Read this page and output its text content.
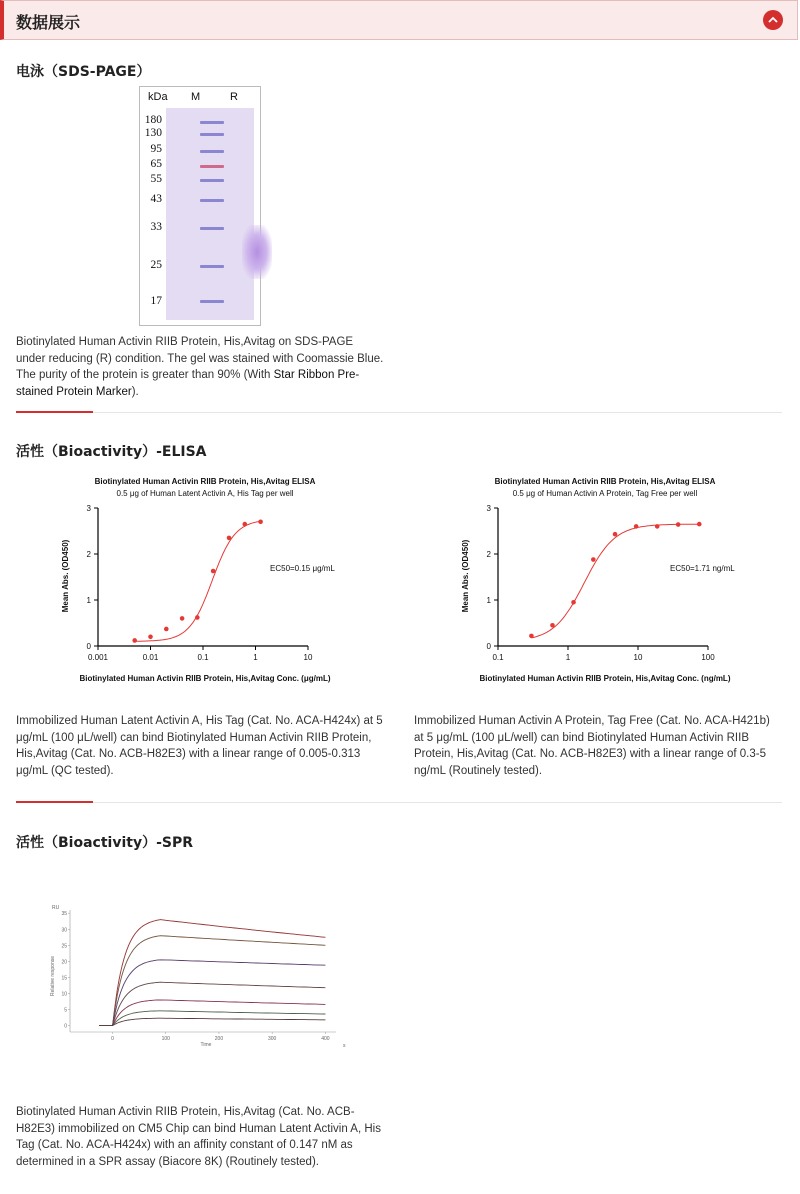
数据展示
电泳（SDS-PAGE）
kDa M	R
180
130
95
65
55
43
33
25
17
Biotinylated Human Activin RIIB Protein, His,Avitag on SDS-PAGE under reducing (R) condition. The gel was stained with Coomassie Blue. The purity of the protein is greater than 90% (With Star Ribbon Pre-stained Protein Marker).
活性（Bioactivity）-ELISA
Biotinylated Human Activin RIIB Protein, His,Avitag ELISA
0.5 μg of Human Latent Activin A, His Tag per well
EC50=0.15 μg/mL
Biotinylated Human Activin RIIB Protein, His,Avitag Conc. (μg/mL)
Mean Abs. (OD450)
0
1
2
3
0.001	0.01	0.1	1	10
Biotinylated Human Activin RIIB Protein, His,Avitag ELISA
0.5 μg of Human Activin A Protein, Tag Free per well
EC50=1.71 ng/mL
Biotinylated Human Activin RIIB Protein, His,Avitag Conc. (ng/mL)
Mean Abs. (OD450)
0
1
2
3
0.1	1	10	100
Immobilized Human Latent Activin A, His Tag (Cat. No. ACA-H424x) at 5 μg/mL (100 μL/well) can bind Biotinylated Human Activin RIIB Protein, His,Avitag (Cat. No. ACB-H82E3) with a linear range of 0.005-0.313 μg/mL (QC tested).
Immobilized Human Activin A Protein, Tag Free (Cat. No. ACA-H421b) at 5 μg/mL (100 μL/well) can bind Biotinylated Human Activin RIIB Protein, His,Avitag (Cat. No. ACB-H82E3) with a linear range of 0.3-5 ng/mL (Routinely tested).
活性（Bioactivity）-SPR
RU
Relative response
Time	s
0
5
10
15
20
25
30
35
0	100	200	300	400
Biotinylated Human Activin RIIB Protein, His,Avitag (Cat. No. ACB-H82E3) immobilized on CM5 Chip can bind Human Latent Activin A, His Tag (Cat. No. ACA-H424x) with an affinity constant of 0.147 nM as determined in a SPR assay (Biacore 8K) (Routinely tested).
